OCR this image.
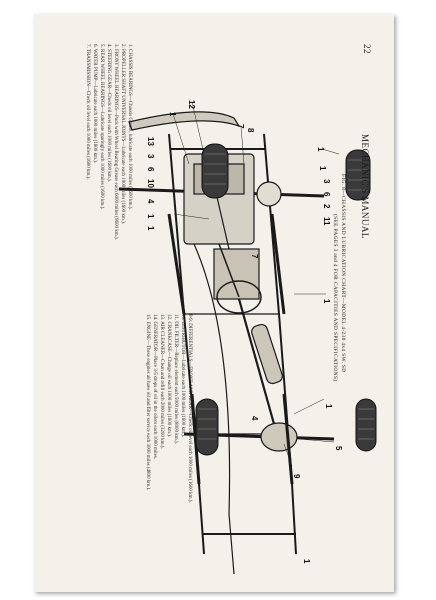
1
12
7
8
1
13
3
6
10
4
1
1
7
1
3
6
2
11
1
9
4
1
5
1
MECHANIC'S MANUAL
22
FIG. 8—CHASSIS AND LUBRICATION CHART—MODEL 4-230 4x4 SW. SD
(SEE PAGES 3 and 4 FOR CAPACITIES AND SPECIFICATIONS)
1. CHASSIS BEARINGS—Chassis Grease, lubricate each 1000 miles (1600 km.).
2. PROPELLER SHAFT UNIVERSAL JOINTS—Lubricate each 1000 miles (1600 km.).
3. FRONT WHEEL BEARINGS—Pack with Wheel Bearing Grease each 6000 miles (9600 km.).
4. STEERING GEAR—Check oil level each 1000 miles (1600 km.).
5. REAR WHEEL BEARINGS—Lubricate sparingly each 1000 miles (1600 km.).
6. WATER PUMP—Lubricate each 1000 miles (1600 km.).
7. TRANSMISSION—Check oil level each 1000 miles (1600 km.).
8-9. DIFFERENTIALS—FRONT AND REAR—Check oil level each 1000 miles (1600 km.).
10. DISTRIBUTOR—Lubricate each 1000 miles (1600 km.).
11. OIL FILTER—Replace element each 5000 miles (8000 km.).
12. CRANKCASE—Change oil each 1000 miles (1600 km.).
13. AIR CLEANER—Clean and refill each 2000 miles (3200 km.).
14. GENERATOR—Place 3-5 drops of oil in the oilers each 1000 miles.
15. ENGINE—These engines all have oil and filter service each 3000 miles (4800 km.).
